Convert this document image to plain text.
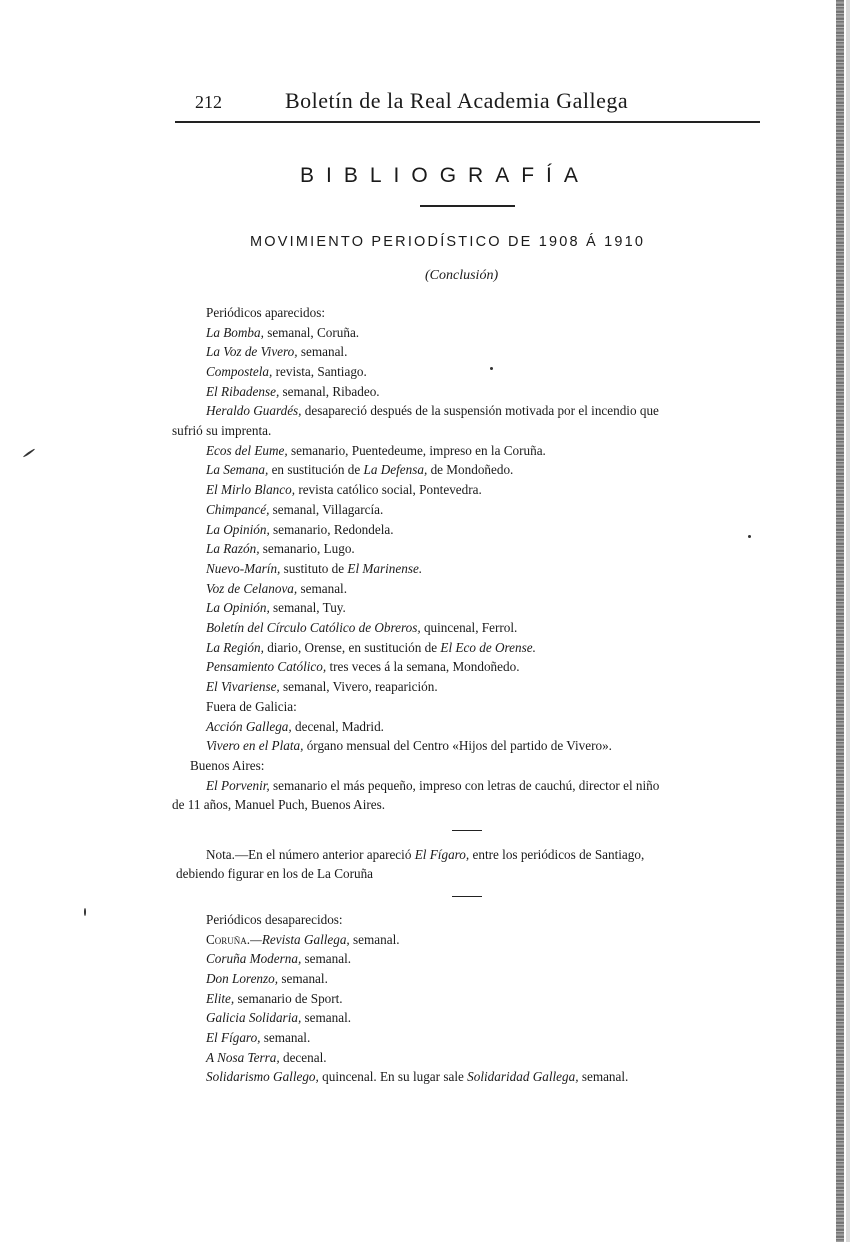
212	Boletín de la Real Academia Gallega
BIBLIOGRAFÍA
MOVIMIENTO PERIODÍSTICO DE 1908 Á 1910
(Conclusión)
Periódicos aparecidos:
La Bomba, semanal, Coruña.
La Voz de Vivero, semanal.
Compostela, revista, Santiago.
El Ribadense, semanal, Ribadeo.
Heraldo Guardés, desapareció después de la suspensión motivada por el incendio que
sufrió su imprenta.
Ecos del Eume, semanario, Puentedeume, impreso en la Coruña.
La Semana, en sustitución de La Defensa, de Mondoñedo.
El Mirlo Blanco, revista católico social, Pontevedra.
Chimpancé, semanal, Villagarcía.
La Opinión, semanario, Redondela.
La Razón, semanario, Lugo.
Nuevo-Marín, sustituto de El Marinense.
Voz de Celanova, semanal.
La Opinión, semanal, Tuy.
Boletín del Círculo Católico de Obreros, quincenal, Ferrol.
La Región, diario, Orense, en sustitución de El Eco de Orense.
Pensamiento Católico, tres veces á la semana, Mondoñedo.
El Vivariense, semanal, Vivero, reaparición.
Fuera de Galicia:
Acción Gallega, decenal, Madrid.
Vivero en el Plata, órgano mensual del Centro «Hijos del partido de Vivero».
Buenos Aires:
El Porvenir, semanario el más pequeño, impreso con letras de cauchú, director el niño
de 11 años, Manuel Puch, Buenos Aires.
Nota.—En el número anterior apareció El Fígaro, entre los periódicos de Santiago,
debiendo figurar en los de La Coruña
Periódicos desaparecidos:
Coruña.—Revista Gallega, semanal.
Coruña Moderna, semanal.
Don Lorenzo, semanal.
Elite, semanario de Sport.
Galicia Solidaria, semanal.
El Fígaro, semanal.
A Nosa Terra, decenal.
Solidarismo Gallego, quincenal. En su lugar sale Solidaridad Gallega, semanal.
